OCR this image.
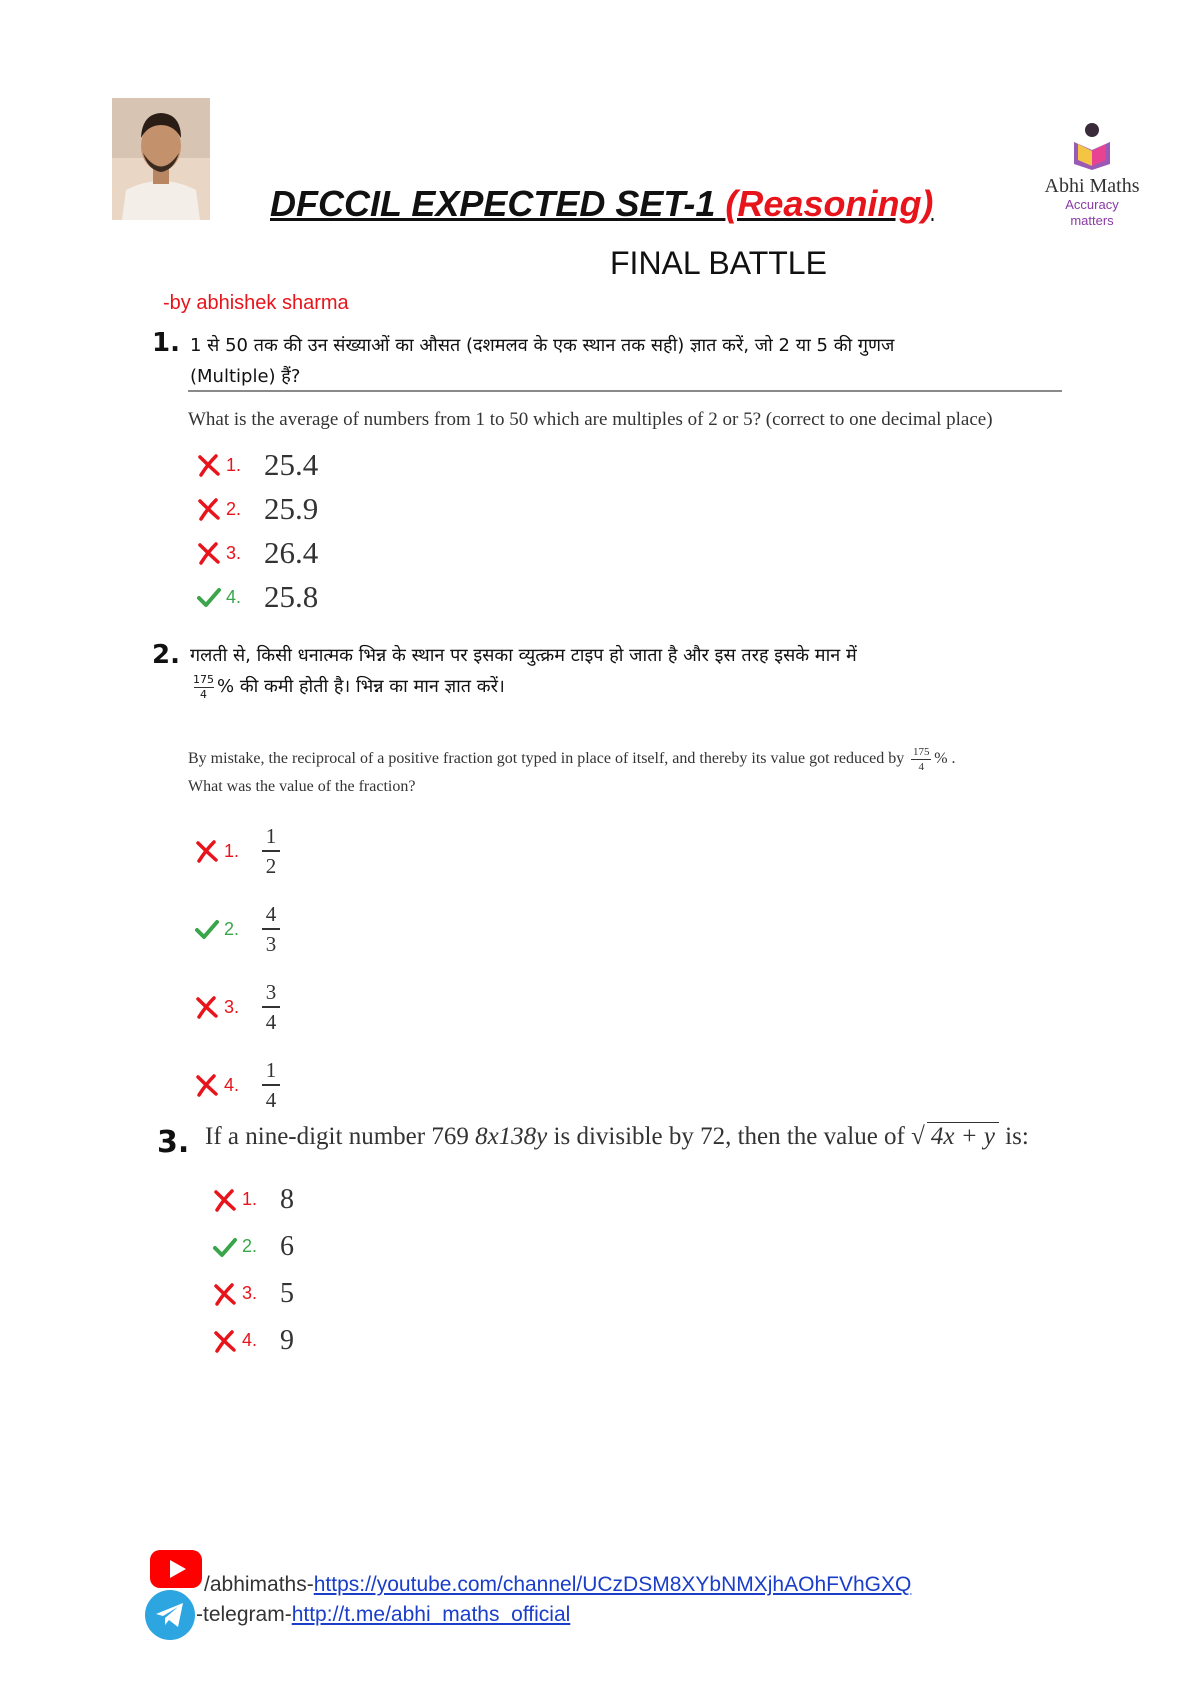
DFCCIL EXPECTED SET-1 (Reasoning)	Abhi Maths
Accuracy matters
FINAL BATTLE
-by abhishek sharma
1. 1 से 50 तक की उन संख्याओं का औसत (दशमलव के एक स्थान तक सही) ज्ञात करें, जो 2 या 5 की गुणज
(Multiple) हैं?
What is the average of numbers from 1 to 50 which are multiples of 2 or 5? (correct to one decimal place)
1. 25.4
2. 25.9
3. 26.4
4. 25.8
2. गलती से, किसी धनात्मक भिन्न के स्थान पर इसका व्युत्क्रम टाइप हो जाता है और इस तरह इसके मान में
$\frac{175}{4}$ % की कमी होती है। भिन्न का मान ज्ञात करें।
By mistake, the reciprocal of a positive fraction got typed in place of itself, and thereby its value got reduced by $\frac{175}{4}$ % .
What was the value of the fraction?
1.	$\frac{1}{2}$
2.	$\frac{4}{3}$
3.	$\frac{3}{4}$
4.	$\frac{1}{4}$
3. If a nine-digit number 769 8x138y is divisible by 72, then the value of √ 4x + y is:
1. 8
2. 6
3. 5
4. 9
/abhimaths-https://youtube.com/channel/UCzDSM8XYbNMXjhAOhFVhGXQ
-telegram-http://t.me/abhi_maths_official
